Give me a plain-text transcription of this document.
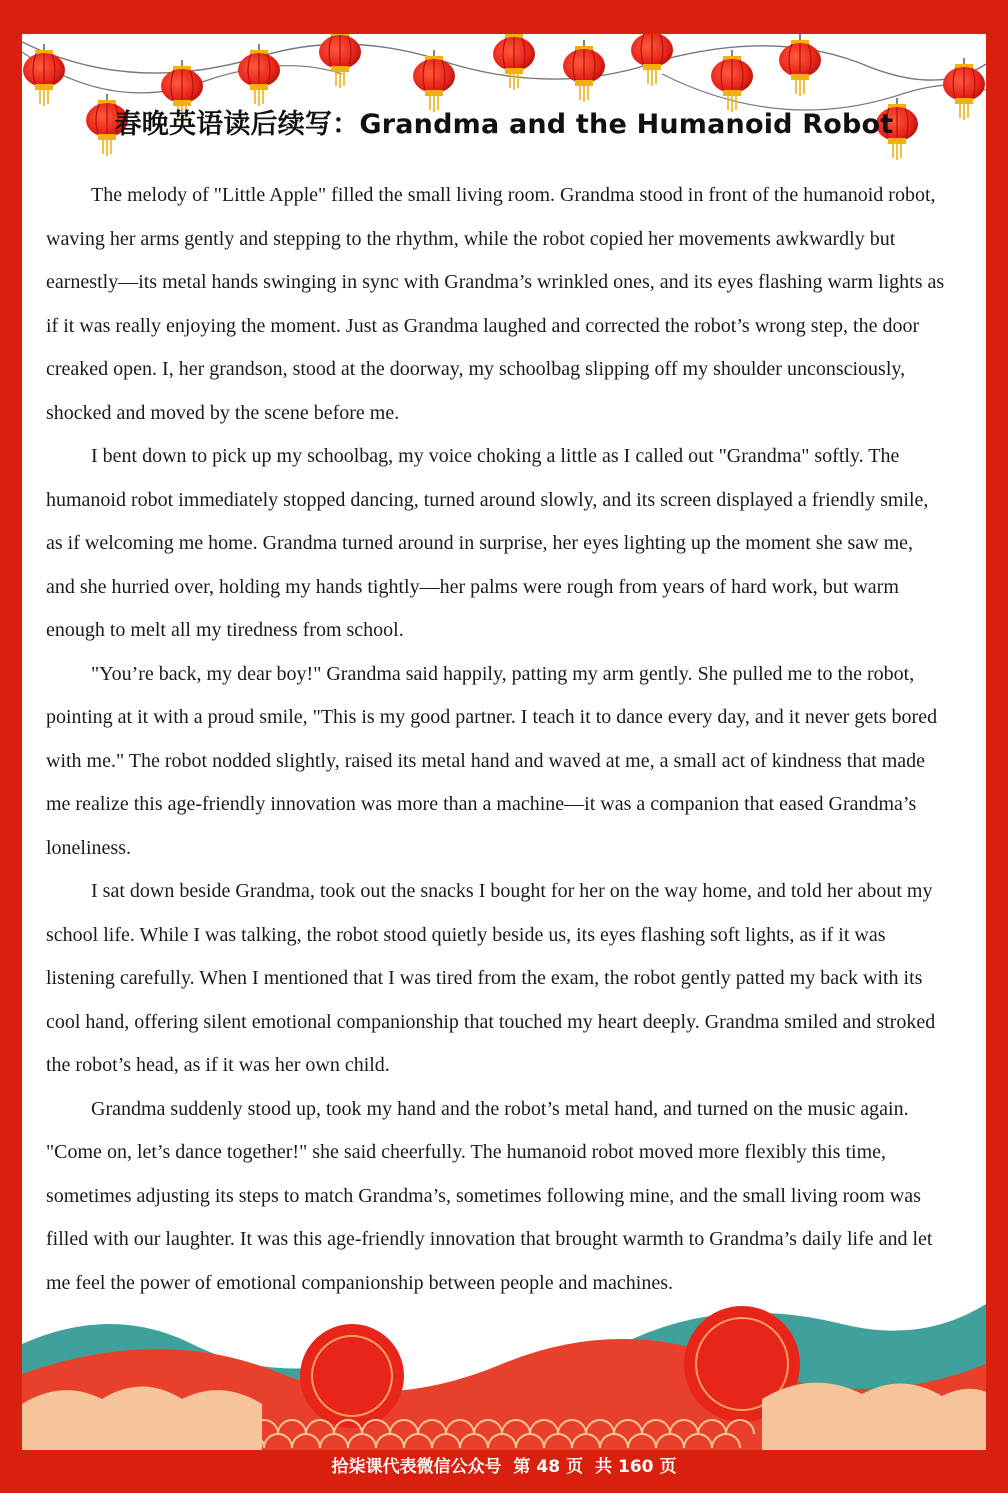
春晚英语读后续写：Grandma and the Humanoid Robot

The melody of "Little Apple" filled the small living room. Grandma stood in front of the humanoid robot, waving her arms gently and stepping to the rhythm, while the robot copied her movements awkwardly but earnestly—its metal hands swinging in sync with Grandma’s wrinkled ones, and its eyes flashing warm lights as if it was really enjoying the moment. Just as Grandma laughed and corrected the robot’s wrong step, the door creaked open. I, her grandson, stood at the doorway, my schoolbag slipping off my shoulder unconsciously, shocked and moved by the scene before me.

I bent down to pick up my schoolbag, my voice choking a little as I called out "Grandma" softly. The humanoid robot immediately stopped dancing, turned around slowly, and its screen displayed a friendly smile, as if welcoming me home. Grandma turned around in surprise, her eyes lighting up the moment she saw me, and she hurried over, holding my hands tightly—her palms were rough from years of hard work, but warm enough to melt all my tiredness from school.

"You’re back, my dear boy!" Grandma said happily, patting my arm gently. She pulled me to the robot, pointing at it with a proud smile, "This is my good partner. I teach it to dance every day, and it never gets bored with me." The robot nodded slightly, raised its metal hand and waved at me, a small act of kindness that made me realize this age-friendly innovation was more than a machine—it was a companion that eased Grandma’s loneliness.

I sat down beside Grandma, took out the snacks I bought for her on the way home, and told her about my school life. While I was talking, the robot stood quietly beside us, its eyes flashing soft lights, as if it was listening carefully. When I mentioned that I was tired from the exam, the robot gently patted my back with its cool hand, offering silent emotional companionship that touched my heart deeply. Grandma smiled and stroked the robot’s head, as if it was her own child.

Grandma suddenly stood up, took my hand and the robot’s metal hand, and turned on the music again. "Come on, let’s dance together!" she said cheerfully. The humanoid robot moved more flexibly this time, sometimes adjusting its steps to match Grandma’s, sometimes following mine, and the small living room was filled with our laughter. It was this age-friendly innovation that brought warmth to Grandma’s daily life and let me feel the power of emotional companionship between people and machines.

拾柒课代表微信公众号 第 48 页 共 160 页
